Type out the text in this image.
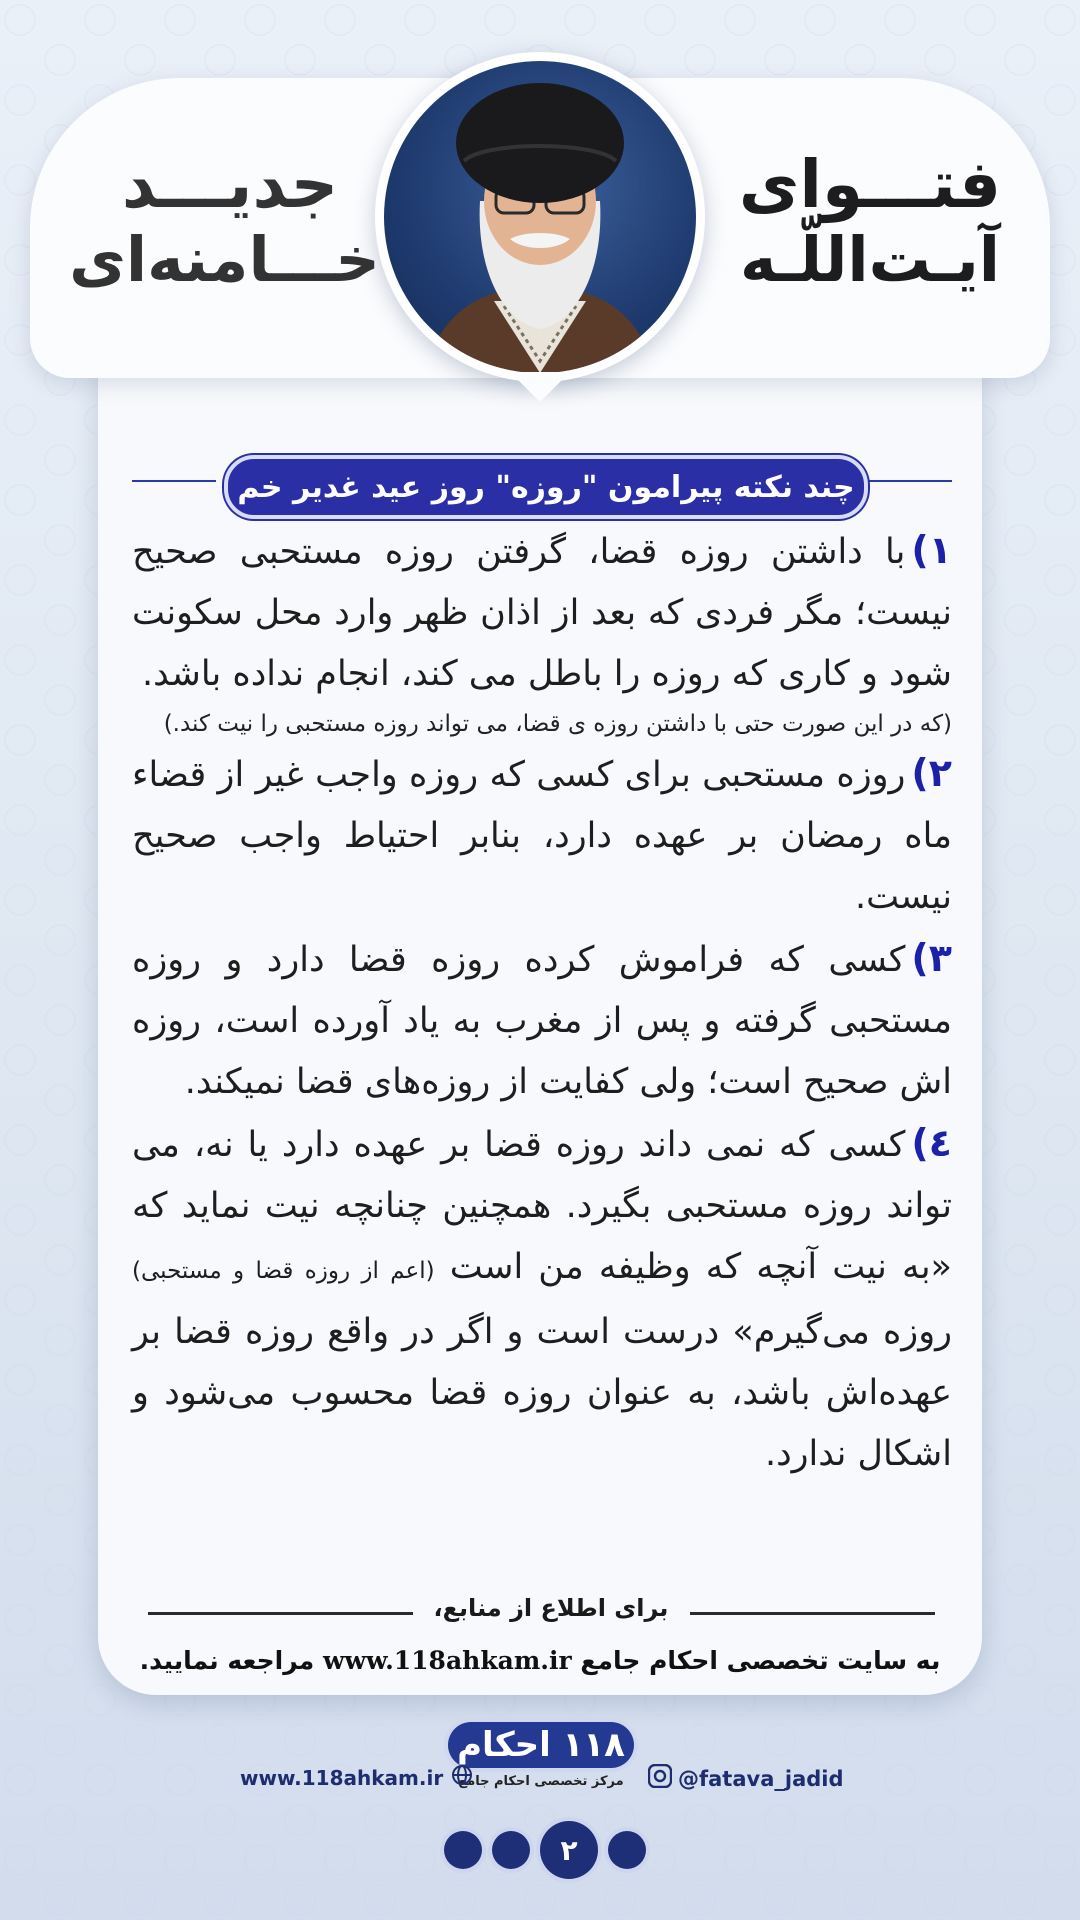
فتـــوای
آیـت‌اللّـه
جدیـــد
خـــامنه‌ای
چند نکته پیرامون "روزه" روز عید غدیر خم

۱)با داشتن روزه قضا، گرفتن روزه مستحبی صحیح نیست؛ مگر فردی که بعد از اذان ظهر وارد محل سکونت شود و کاری که روزه را باطل می کند، انجام نداده باشد.
(که در این صورت حتی با داشتن روزه ی قضا، می تواند روزه مستحبی را نیت کند.)

۲)روزه مستحبی برای کسی که روزه واجب غیر از قضاء ماه رمضان بر عهده دارد، بنابر احتیاط واجب صحیح نیست.

۳)کسی که فراموش کرده روزه قضا دارد و روزه مستحبی گرفته و پس از مغرب به یاد آورده است، روزه اش صحیح است؛ ولی کفایت از روزه‌های قضا نمیکند.

٤)کسی که نمی داند روزه قضا بر عهده دارد یا نه، می تواند روزه مستحبی بگیرد. همچنین چنانچه نیت نماید که «به نیت آنچه که وظیفه من است (اعم از روزه قضا و مستحبی) روزه می‌گیرم» درست است و اگر در واقع روزه قضا بر عهده‌اش باشد، به عنوان روزه قضا محسوب می‌شود و اشکال ندارد.

برای اطلاع از منابع،
به سایت تخصصی احکام جامع www.118ahkam.ir مراجعه نمایید.
۱۱۸ احکام
مرکز تخصصی احکام جامع
www.118ahkam.ir	@fatava_jadid
۲
